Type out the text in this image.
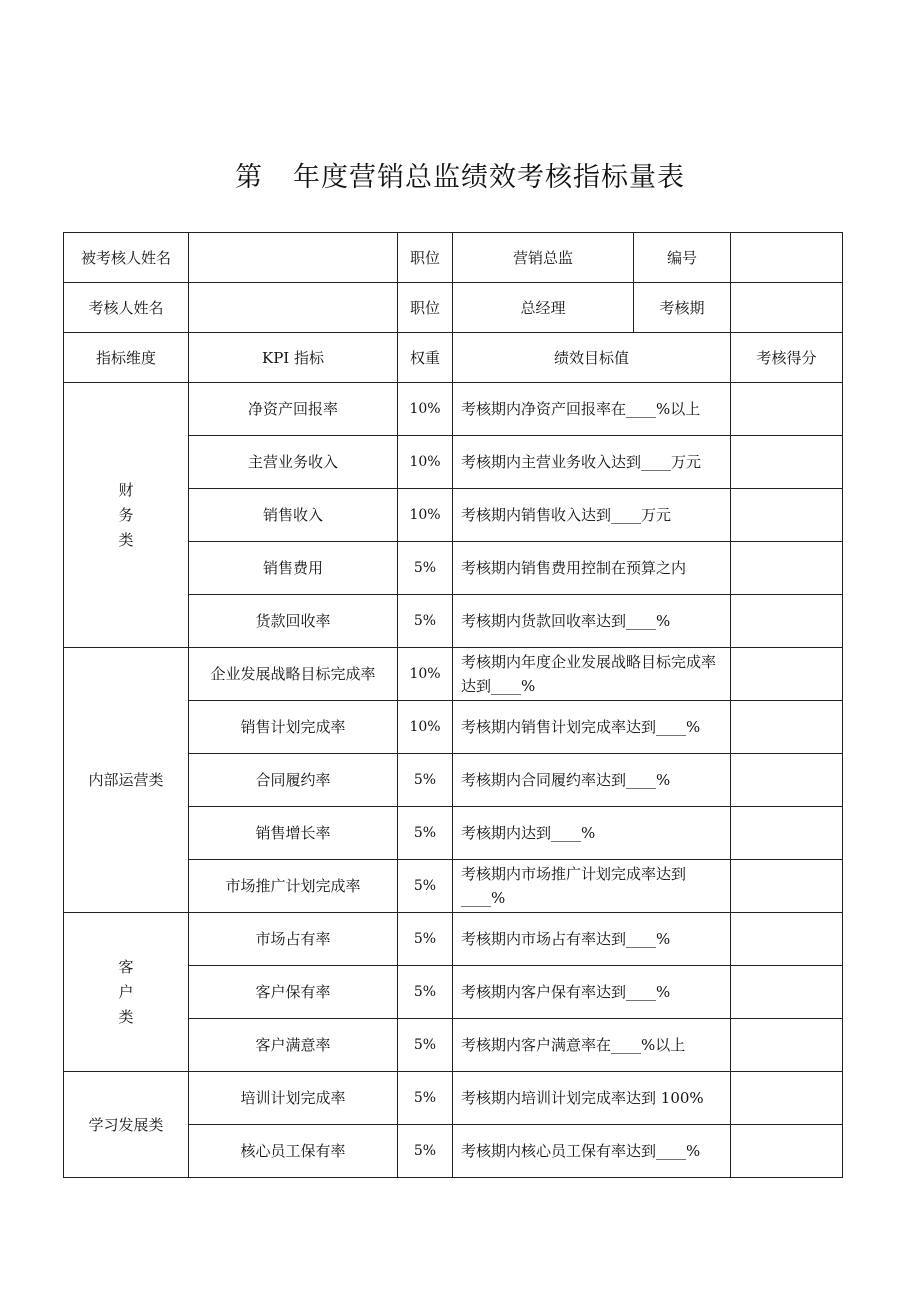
第 年度营销总监绩效考核指标量表
被考核人姓名		职位	营销总监	编号	
考核人姓名		职位	总经理	考核期	
指标维度	KPI 指标	权重	绩效目标值		考核得分
财务类	净资产回报率	10%	考核期内净资产回报率在____%以上		
	主营业务收入	10%	考核期内主营业务收入达到____万元		
	销售收入	10%	考核期内销售收入达到____万元		
	销售费用	5%	考核期内销售费用控制在预算之内		
	货款回收率	5%	考核期内货款回收率达到____%		
内部运营类	企业发展战略目标完成率	10%	考核期内年度企业发展战略目标完成率达到____%		
	销售计划完成率	10%	考核期内销售计划完成率达到____%		
	合同履约率	5%	考核期内合同履约率达到____%		
	销售增长率	5%	考核期内达到____%		
	市场推广计划完成率	5%	考核期内市场推广计划完成率达到____%		
客户类	市场占有率	5%	考核期内市场占有率达到____%		
	客户保有率	5%	考核期内客户保有率达到____%		
	客户满意率	5%	考核期内客户满意率在____%以上		
学习发展类	培训计划完成率	5%	考核期内培训计划完成率达到 100%		
	核心员工保有率	5%	考核期内核心员工保有率达到____%		
